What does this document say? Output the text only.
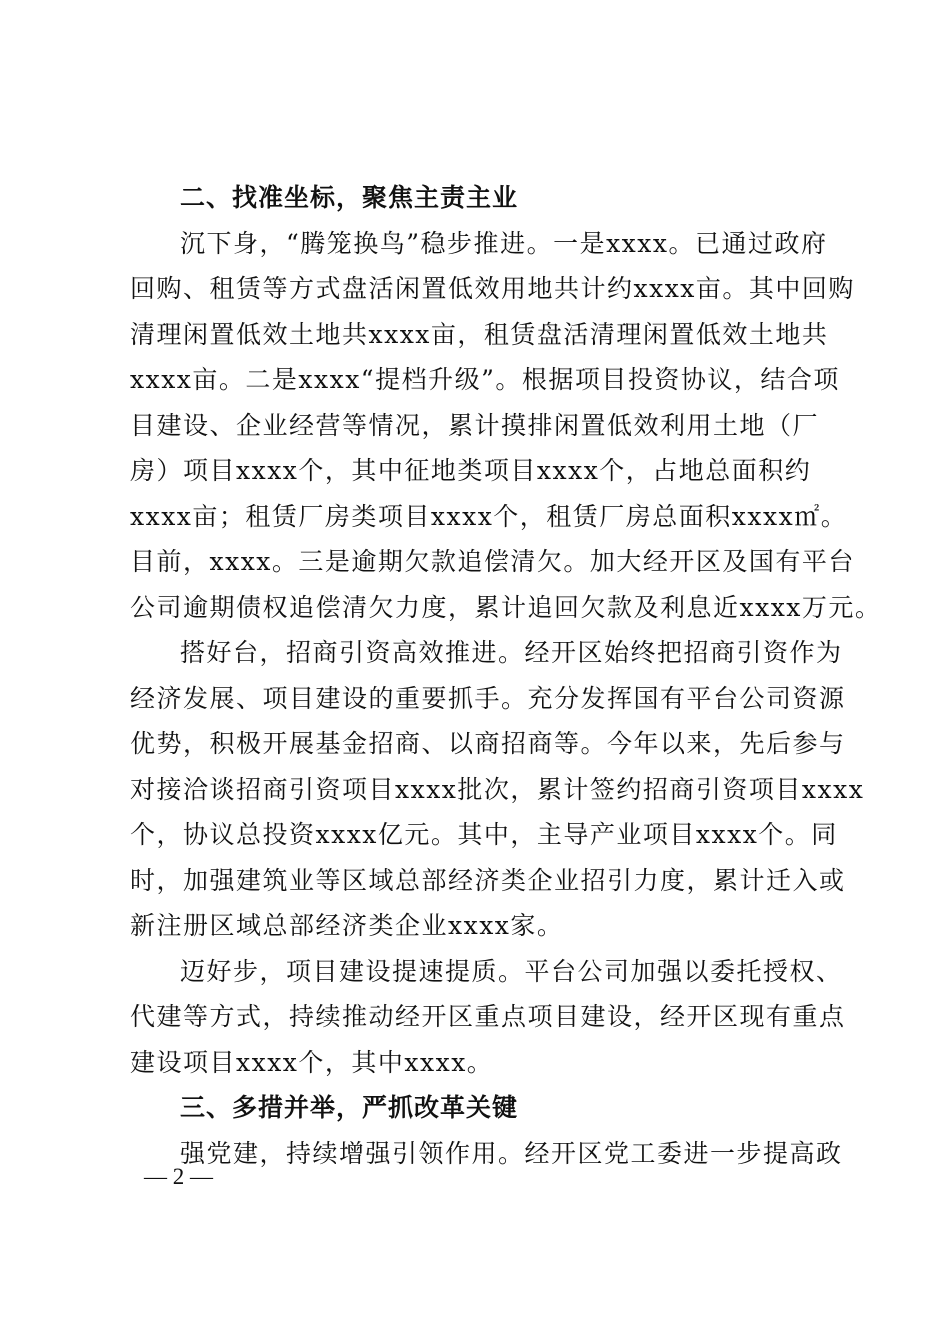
二、找准坐标，聚焦主责主业
沉下身，“腾笼换鸟”稳步推进。一是xxxx。已通过政府
回购、租赁等方式盘活闲置低效用地共计约xxxx亩。其中回购
清理闲置低效土地共xxxx亩，租赁盘活清理闲置低效土地共
xxxx亩。二是xxxx“提档升级”。根据项目投资协议，结合项
目建设、企业经营等情况，累计摸排闲置低效利用土地（厂
房）项目xxxx个，其中征地类项目xxxx个，占地总面积约
xxxx亩；租赁厂房类项目xxxx个，租赁厂房总面积xxxx㎡。
目前，xxxx。三是逾期欠款追偿清欠。加大经开区及国有平台
公司逾期债权追偿清欠力度，累计追回欠款及利息近xxxx万元。
搭好台，招商引资高效推进。经开区始终把招商引资作为
经济发展、项目建设的重要抓手。充分发挥国有平台公司资源
优势，积极开展基金招商、以商招商等。今年以来，先后参与
对接洽谈招商引资项目xxxx批次，累计签约招商引资项目xxxx
个，协议总投资xxxx亿元。其中，主导产业项目xxxx个。同
时，加强建筑业等区域总部经济类企业招引力度，累计迁入或
新注册区域总部经济类企业xxxx家。
迈好步，项目建设提速提质。平台公司加强以委托授权、
代建等方式，持续推动经开区重点项目建设，经开区现有重点
建设项目xxxx个，其中xxxx。
三、多措并举，严抓改革关键
强党建，持续增强引领作用。经开区党工委进一步提高政
— 2 —
